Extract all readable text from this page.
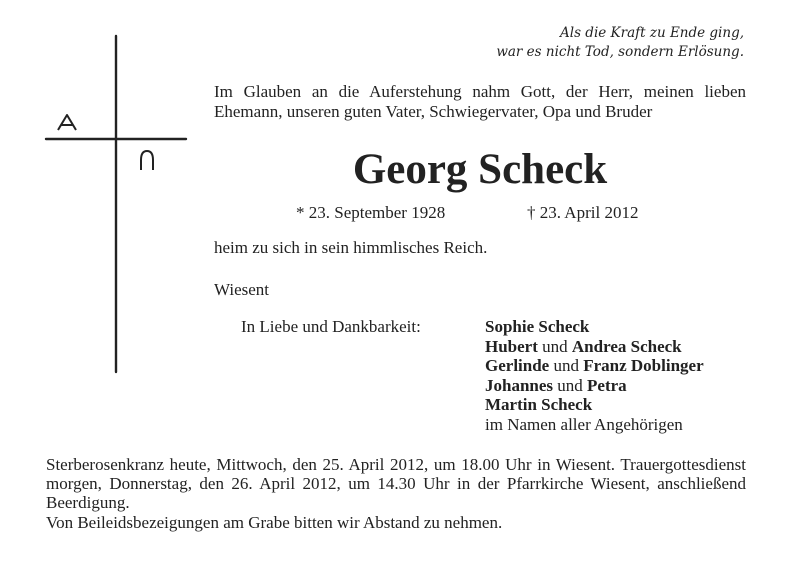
Als die Kraft zu Ende ging,
war es nicht Tod, sondern Erlösung.
Im Glauben an die Auferstehung nahm Gott, der Herr, meinen lieben Ehemann, unseren guten Vater, Schwiegervater, Opa und Bruder
Georg Scheck
* 23. September 1928	† 23. April 2012
heim zu sich in sein himmlisches Reich.
Wiesent
In Liebe und Dankbarkeit:	Sophie Scheck
Hubert und Andrea Scheck
Gerlinde und Franz Doblinger
Johannes und Petra
Martin Scheck
im Namen aller Angehörigen
Sterberosenkranz heute, Mittwoch, den 25. April 2012, um 18.00 Uhr in Wiesent. Trauergottesdienst morgen, Donnerstag, den 26. April 2012, um 14.30 Uhr in der Pfarrkirche Wiesent, anschließend Beerdigung.
Von Beileidsbezeigungen am Grabe bitten wir Abstand zu nehmen.
